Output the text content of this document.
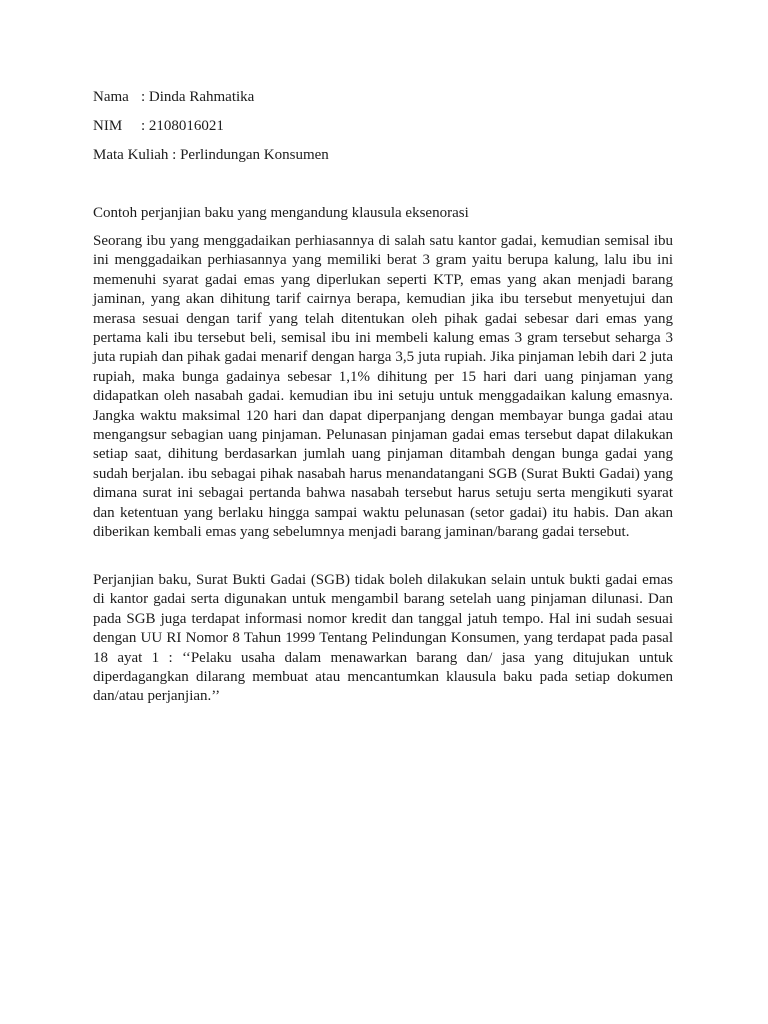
Nama : Dinda Rahmatika
NIM : 2108016021
Mata Kuliah : Perlindungan Konsumen
Contoh perjanjian baku yang mengandung klausula eksenorasi

Seorang ibu yang menggadaikan perhiasannya di salah satu kantor gadai, kemudian semisal ibu ini menggadaikan perhiasannya yang memiliki berat 3 gram yaitu berupa kalung, lalu ibu ini memenuhi syarat gadai emas yang diperlukan seperti KTP, emas yang akan menjadi barang jaminan, yang akan dihitung tarif cairnya berapa, kemudian jika ibu tersebut menyetujui dan merasa sesuai dengan tarif yang telah ditentukan oleh pihak gadai sebesar dari emas yang pertama kali ibu tersebut beli, semisal ibu ini membeli kalung emas 3 gram tersebut seharga 3 juta rupiah dan pihak gadai menarif dengan harga 3,5 juta rupiah. Jika pinjaman lebih dari 2 juta rupiah, maka bunga gadainya sebesar 1,1% dihitung per 15 hari dari uang pinjaman yang didapatkan oleh nasabah gadai. kemudian ibu ini setuju untuk menggadaikan kalung emasnya. Jangka waktu maksimal 120 hari dan dapat diperpanjang dengan membayar bunga gadai atau mengangsur sebagian uang pinjaman. Pelunasan pinjaman gadai emas tersebut dapat dilakukan setiap saat, dihitung berdasarkan jumlah uang pinjaman ditambah dengan bunga gadai yang sudah berjalan. ibu sebagai pihak nasabah harus menandatangani SGB (Surat Bukti Gadai) yang dimana surat ini sebagai pertanda bahwa nasabah tersebut harus setuju serta mengikuti syarat dan ketentuan yang berlaku hingga sampai waktu pelunasan (setor gadai) itu habis. Dan akan diberikan kembali emas yang sebelumnya menjadi barang jaminan/barang gadai tersebut.

Perjanjian baku, Surat Bukti Gadai (SGB) tidak boleh dilakukan selain untuk bukti gadai emas di kantor gadai serta digunakan untuk mengambil barang setelah uang pinjaman dilunasi. Dan pada SGB juga terdapat informasi nomor kredit dan tanggal jatuh tempo. Hal ini sudah sesuai dengan UU RI Nomor 8 Tahun 1999 Tentang Pelindungan Konsumen, yang terdapat pada pasal 18 ayat 1 : ‘‘Pelaku usaha dalam menawarkan barang dan/ jasa yang ditujukan untuk diperdagangkan dilarang membuat atau mencantumkan klausula baku pada setiap dokumen dan/atau perjanjian.’’
